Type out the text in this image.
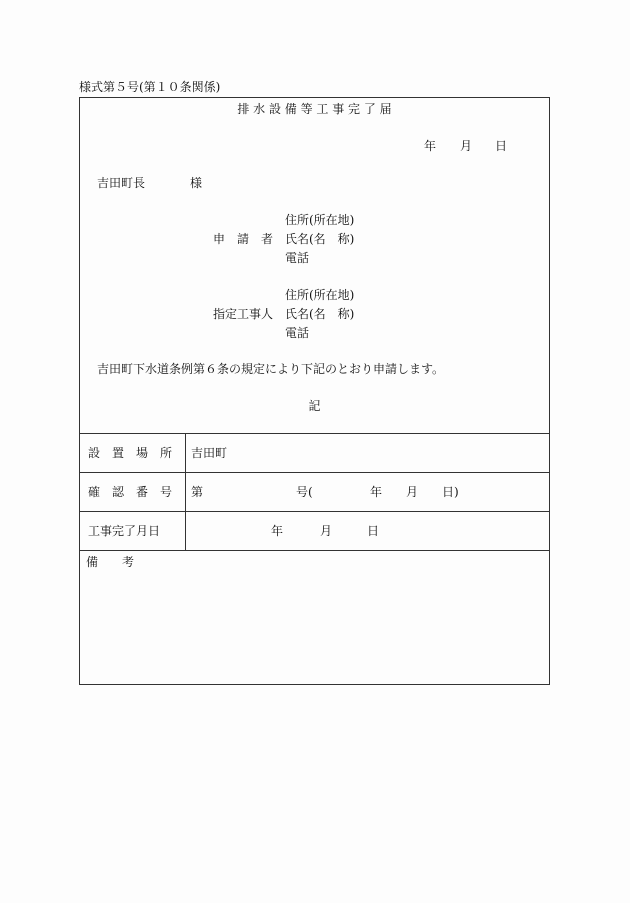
様式第５号(第１０条関係)
排 水 設 備 等 工 事 完 了 届
年 月 日
吉田町長	様
住所(所在地)
申　請　者 氏名(名　称)
電話
住所(所在地)
指定工事人 氏名(名　称)
電話
吉田町下水道条例第６条の規定により下記のとおり申請します。
記
設　置　場　所 吉田町
確　認　番　号 第	号(	年 月 日)
工事完了月日	年	月	日
備　　考
